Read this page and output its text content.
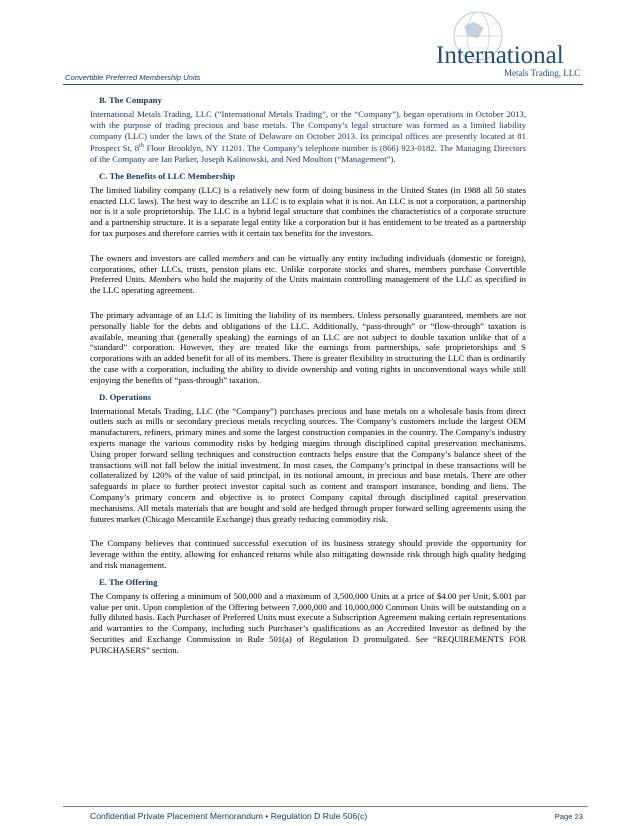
Convertible Preferred Membership Units
International
Metals Trading, LLC
B. The Company

International Metals Trading, LLC (“International Metals Trading”, or the “Company”), began operations in October 2013, with the purpose of trading precious and base metals. The Company’s legal structure was formed as a limited liability company (LLC) under the laws of the State of Delaware on October 2013. Its principal offices are presently located at 81 Prospect St, 8th Floor Brooklyn, NY 11201. The Company’s telephone number is (866) 923-0182. The Managing Directors of the Company are Ian Parker, Joseph Kalinowski, and Ned Moulton (“Management”).

C. The Benefits of LLC Membership

The limited liability company (LLC) is a relatively new form of doing business in the United States (in 1988 all 50 states enacted LLC laws). The best way to describe an LLC is to explain what it is not. An LLC is not a corporation, a partnership nor is it a sole proprietorship. The LLC is a hybrid legal structure that combines the characteristics of a corporate structure and a partnership structure. It is a separate legal entity like a corporation but it has entitlement to be treated as a partnership for tax purposes and therefore carries with it certain tax benefits for the investors.

The owners and investors are called members and can be virtually any entity including individuals (domestic or foreign), corporations, other LLCs, trusts, pension plans etc. Unlike corporate stocks and shares, members purchase Convertible Preferred Units. Members who hold the majority of the Units maintain controlling management of the LLC as specified in the LLC operating agreement.

The primary advantage of an LLC is limiting the liability of its members. Unless personally guaranteed, members are not personally liable for the debts and obligations of the LLC. Additionally, “pass-through” or “flow-through” taxation is available, meaning that (generally speaking) the earnings of an LLC are not subject to double taxation unlike that of a “standard” corporation. However, they are treated like the earnings from partnerships, sole proprietorships and S corporations with an added benefit for all of its members. There is greater flexibility in structuring the LLC than is ordinarily the case with a corporation, including the ability to divide ownership and voting rights in unconventional ways while still enjoying the benefits of “pass-through” taxation.

D. Operations

International Metals Trading, LLC (the “Company”) purchases precious and base metals on a wholesale basis from direct outlets such as mills or secondary precious metals recycling sources. The Company’s customers include the largest OEM manufacturers, refiners, primary mines and some the largest construction companies in the country. The Company’s industry experts manage the various commodity risks by hedging margins through disciplined capital preservation mechanisms. Using proper forward selling techniques and construction contracts helps ensure that the Company’s balance sheet of the transactions will not fall below the initial investment. In most cases, the Company’s principal in these transactions will be collateralized by 120% of the value of said principal, in its notional amount, in precious and base metals. There are other safeguards in place to further protect investor capital such as content and transport insurance, bonding and liens. The Company’s primary concern and objective is to protect Company capital through disciplined capital preservation mechanisms. All metals materials that are bought and sold are hedged through proper forward selling agreements using the futures market (Chicago Mercantile Exchange) thus greatly reducing commodity risk.

The Company believes that continued successful execution of its business strategy should provide the opportunity for leverage within the entity, allowing for enhanced returns while also mitigating downside risk through high quality hedging and risk management.

E. The Offering

The Company is offering a minimum of 500,000 and a maximum of 3,500,000 Units at a price of $4.00 per Unit, $.001 par value per unit. Upon completion of the Offering between 7,000,000 and 10,000,000 Common Units will be outstanding on a fully diluted basis. Each Purchaser of Preferred Units must execute a Subscription Agreement making certain representations and warranties to the Company, including such Purchaser’s qualifications as an Accredited Investor as defined by the Securities and Exchange Commission in Rule 501(a) of Regulation D promulgated. See “REQUIREMENTS FOR PURCHASERS” section.

Confidential Private Placement Memorandum • Regulation D Rule 506(c)	Page 23
